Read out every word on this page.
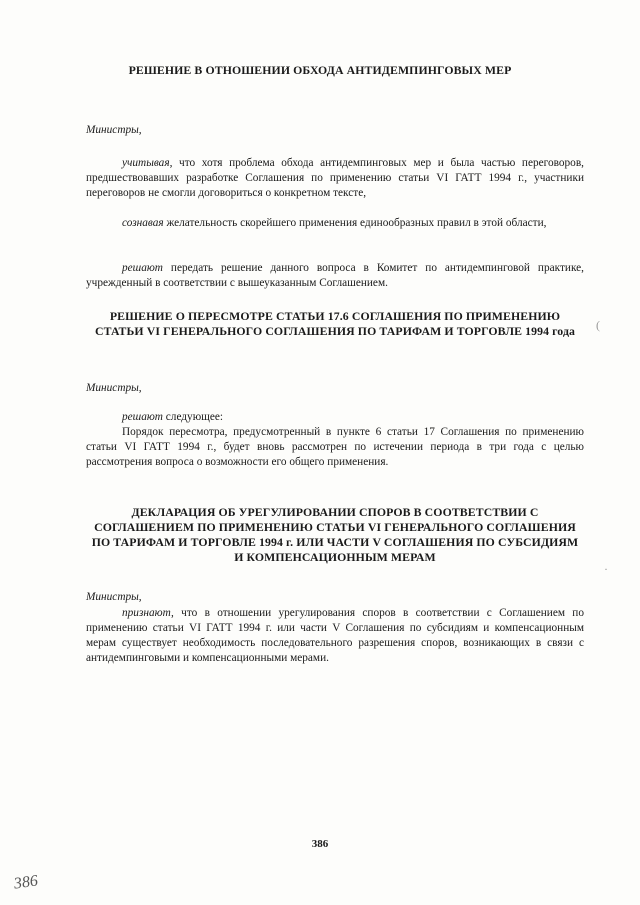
РЕШЕНИЕ В ОТНОШЕНИИ ОБХОДА АНТИДЕМПИНГОВЫХ МЕР
Министры,
учитывая, что хотя проблема обхода антидемпинговых мер и была частью переговоров, предшествовавших разработке Соглашения по применению статьи VI ГАТТ 1994 г., участники переговоров не смогли договориться о конкретном тексте,
сознавая желательность скорейшего применения единообразных правил в этой области,
решают передать решение данного вопроса в Комитет по антидемпинговой практике, учрежденный в соответствии с вышеуказанным Соглашением.
РЕШЕНИЕ О ПЕРЕСМОТРЕ СТАТЬИ 17.6 СОГЛАШЕНИЯ ПО ПРИМЕНЕНИЮ СТАТЬИ VI ГЕНЕРАЛЬНОГО СОГЛАШЕНИЯ ПО ТАРИФАМ И ТОРГОВЛЕ 1994 года
Министры,
решают следующее:
Порядок пересмотра, предусмотренный в пункте 6 статьи 17 Соглашения по применению статьи VI ГАТТ 1994 г., будет вновь рассмотрен по истечении периода в три года с целью рассмотрения вопроса о возможности его общего применения.
ДЕКЛАРАЦИЯ ОБ УРЕГУЛИРОВАНИИ СПОРОВ В СООТВЕТСТВИИ С СОГЛАШЕНИЕМ ПО ПРИМЕНЕНИЮ СТАТЬИ VI ГЕНЕРАЛЬНОГО СОГЛАШЕНИЯ ПО ТАРИФАМ И ТОРГОВЛЕ 1994 г. ИЛИ ЧАСТИ V СОГЛАШЕНИЯ ПО СУБСИДИЯМ И КОМПЕНСАЦИОННЫМ МЕРАМ
Министры,
признают, что в отношении урегулирования споров в соответствии с Соглашением по применению статьи VI ГАТТ 1994 г. или части V Соглашения по субсидиям и компенсационным мерам существует необходимость последовательного разрешения споров, возникающих в связи с антидемпинговыми и компенсационными мерами.
386
386
(
·
